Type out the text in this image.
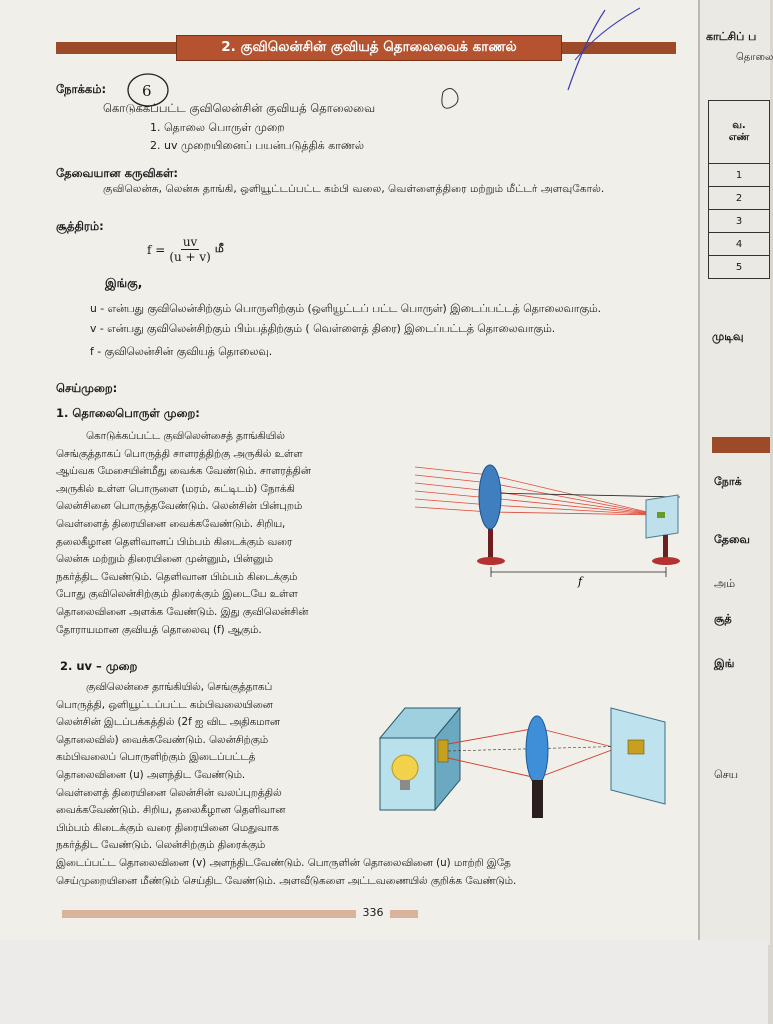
காட்சிப் ப
தொலை
வ.
எண்

1
2
3
4
5
முடிவு
நோக்
தேவை
அம்
சூத்
இங்
செய
2. குவிலென்சின் குவியத் தொலைவைக் காணல்
நோக்கம்: 6
கொடுக்கப்பட்ட குவிலென்சின் குவியத் தொலைவை
1. தொலை பொருள் முறை
2. uv முறையினைப் பயன்படுத்திக் காணல்
தேவையான கருவிகள்:
குவிலென்சு, லென்சு தாங்கி, ஒளியூட்டப்பட்ட கம்பி வலை, வெள்ளைத்திரை மற்றும் மீட்டர் அளவுகோல்.
சூத்திரம்:
$f = \frac{uv}{(u + v)}$ மீ
இங்கு,
u - என்பது குவிலென்சிற்கும் பொருளிற்கும் (ஒளியூட்டப் பட்ட பொருள்) இடைப்பட்டத் தொலைவாகும்.
v - என்பது குவிலென்சிற்கும் பிம்பத்திற்கும் ( வெள்ளைத் திரை) இடைப்பட்டத் தொலைவாகும்.
f - குவிலென்சின் குவியத் தொலைவு.
செய்முறை:
1. தொலைபொருள் முறை:
கொடுக்கப்பட்ட குவிலென்சைத் தாங்கியில்
செங்குத்தாகப் பொருத்தி சாளரத்திற்கு அருகில் உள்ள
ஆய்வக மேசையின்மீது வைக்க வேண்டும். சாளரத்தின்
அருகில் உள்ள பொருளை (மரம், கட்டிடம்) நோக்கி
லென்சினை பொருத்தவேண்டும். லென்சின் பின்புறம்
வெள்ளைத் திரையினை வைக்கவேண்டும். சிறிய,
தலைகீழான தெளிவானப் பிம்பம் கிடைக்கும் வரை
லென்சு மற்றும் திரையினை முன்னும், பின்னும்
நகர்த்திட வேண்டும். தெளிவான பிம்பம் கிடைக்கும்
போது குவிலென்சிற்கும் திரைக்கும் இடையே உள்ள
தொலைவினை அளக்க வேண்டும். இது குவிலென்சின்
தோராயமான குவியத் தொலைவு (f) ஆகும்.
f
2. uv – முறை
குவிலென்சை தாங்கியில், செங்குத்தாகப்
பொருத்தி, ஒளியூட்டப்பட்ட கம்பிவலையினை
லென்சின் இடப்பக்கத்தில் (2f ஐ விட அதிகமான
தொலைவில்) வைக்கவேண்டும். லென்சிற்கும்
கம்பிவலைப் பொருளிற்கும் இடைப்பட்டத்
தொலைவினை (u) அளந்திட வேண்டும்.
வெள்ளைத் திரையினை லென்சின் வலப்புறத்தில்
வைக்கவேண்டும். சிறிய, தலைகீழான தெளிவான
பிம்பம் கிடைக்கும் வரை திரையினை மெதுவாக
நகர்த்திட வேண்டும். லென்சிற்கும் திரைக்கும்
இடைப்பட்ட தொலைவினை (v) அளந்திடவேண்டும். பொருளின் தொலைவினை (u) மாற்றி இதே
செய்முறையினை மீண்டும் செய்திட வேண்டும். அளவீடுகளை அட்டவணையில் குறிக்க வேண்டும்.
336
